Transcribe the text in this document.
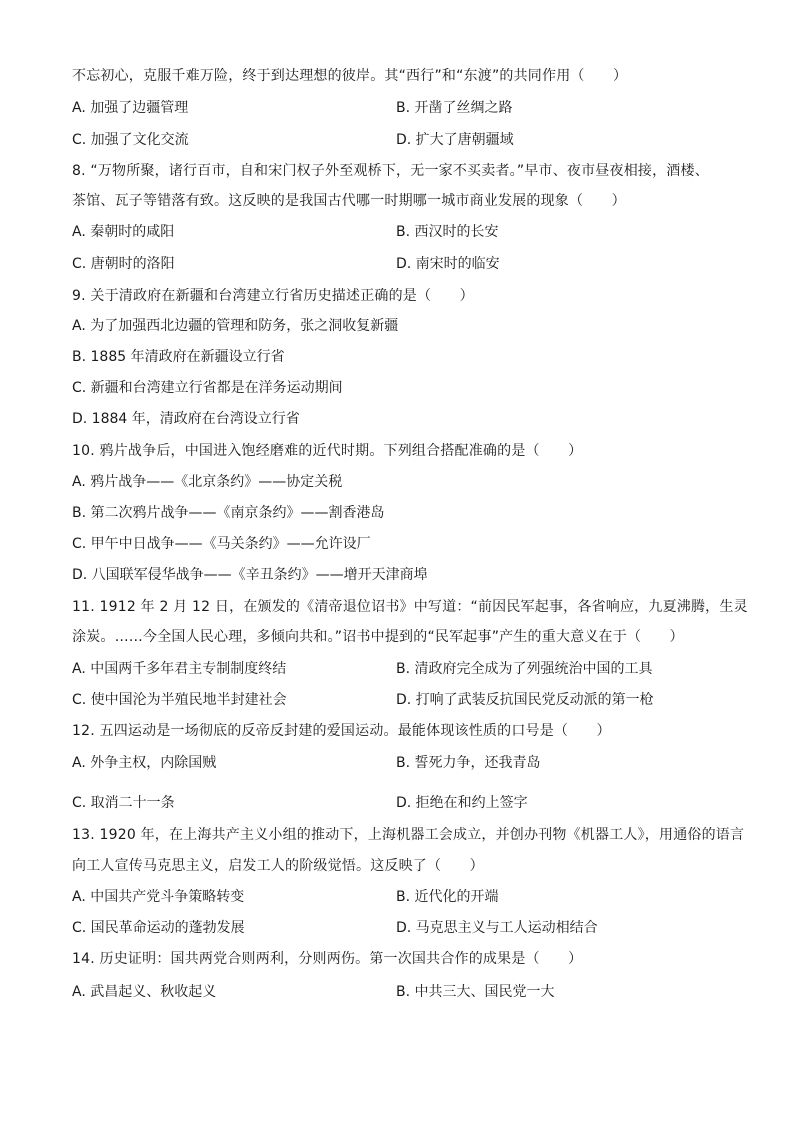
不忘初心，克服千难万险，终于到达理想的彼岸。其“西行”和“东渡”的共同作用（　　）
A. 加强了边疆管理	B. 开凿了丝绸之路
C. 加强了文化交流	D. 扩大了唐朝疆域
8. “万物所聚，诸行百市，自和宋门权子外至观桥下，无一家不买卖者。”早市、夜市昼夜相接，酒楼、
茶馆、瓦子等错落有致。这反映的是我国古代哪一时期哪一城市商业发展的现象（　　）
A. 秦朝时的咸阳	B. 西汉时的长安
C. 唐朝时的洛阳	D. 南宋时的临安
9. 关于清政府在新疆和台湾建立行省历史描述正确的是（　　）
A. 为了加强西北边疆的管理和防务，张之洞收复新疆
B. 1885 年清政府在新疆设立行省
C. 新疆和台湾建立行省都是在洋务运动期间
D. 1884 年，清政府在台湾设立行省
10. 鸦片战争后，中国进入饱经磨难的近代时期。下列组合搭配准确的是（　　）
A. 鸦片战争——《北京条约》——协定关税
B. 第二次鸦片战争——《南京条约》——割香港岛
C. 甲午中日战争——《马关条约》——允许设厂
D. 八国联军侵华战争——《辛丑条约》——增开天津商埠
11. 1912 年 2 月 12 日，在颁发的《清帝退位诏书》中写道：“前因民军起事，各省响应，九夏沸腾，生灵
涂炭。……今全国人民心理，多倾向共和。”诏书中提到的“民军起事”产生的重大意义在于（　　）
A. 中国两千多年君主专制制度终结	B. 清政府完全成为了列强统治中国的工具
C. 使中国沦为半殖民地半封建社会	D. 打响了武装反抗国民党反动派的第一枪
12. 五四运动是一场彻底的反帝反封建的爱国运动。最能体现该性质的口号是（　　）
A. 外争主权，内除国贼	B. 誓死力争，还我青岛
C. 取消二十一条	D. 拒绝在和约上签字
13. 1920 年，在上海共产主义小组的推动下，上海机器工会成立，并创办刊物《机器工人》，用通俗的语言
向工人宣传马克思主义，启发工人的阶级觉悟。这反映了（　　）
A. 中国共产党斗争策略转变	B. 近代化的开端
C. 国民革命运动的蓬勃发展	D. 马克思主义与工人运动相结合
14. 历史证明：国共两党合则两利，分则两伤。第一次国共合作的成果是（　　）
A. 武昌起义、秋收起义	B. 中共三大、国民党一大
